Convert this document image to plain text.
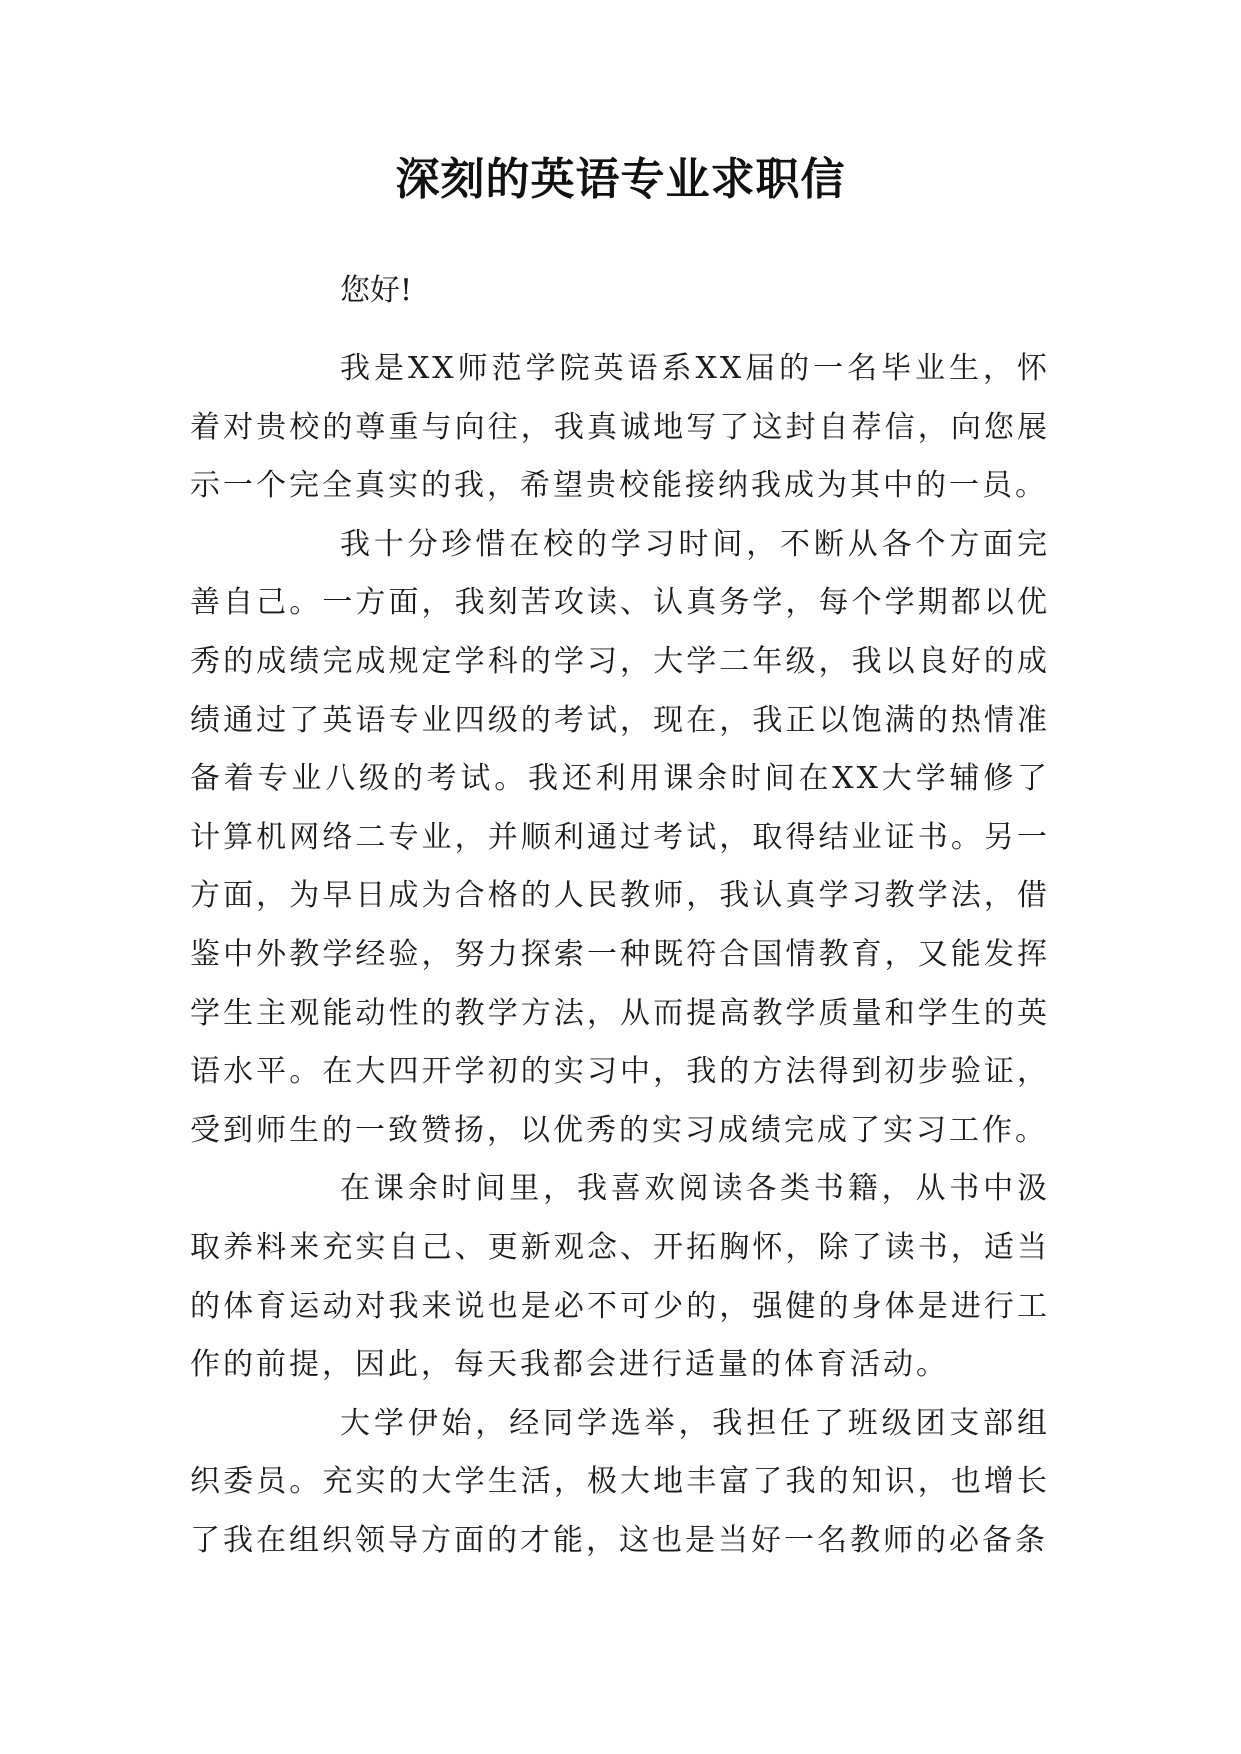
深刻的英语专业求职信
您好!

我是XX师范学院英语系XX届的一名毕业生，怀着对贵校的尊重与向往，我真诚地写了这封自荐信，向您展示一个完全真实的我，希望贵校能接纳我成为其中的一员。

我十分珍惜在校的学习时间，不断从各个方面完善自己。一方面，我刻苦攻读、认真务学，每个学期都以优秀的成绩完成规定学科的学习，大学二年级，我以良好的成绩通过了英语专业四级的考试，现在，我正以饱满的热情准备着专业八级的考试。我还利用课余时间在XX大学辅修了计算机网络二专业，并顺利通过考试，取得结业证书。另一方面，为早日成为合格的人民教师，我认真学习教学法，借鉴中外教学经验，努力探索一种既符合国情教育，又能发挥学生主观能动性的教学方法，从而提高教学质量和学生的英语水平。在大四开学初的实习中，我的方法得到初步验证，受到师生的一致赞扬，以优秀的实习成绩完成了实习工作。

在课余时间里，我喜欢阅读各类书籍，从书中汲取养料来充实自己、更新观念、开拓胸怀，除了读书，适当的体育运动对我来说也是必不可少的，强健的身体是进行工作的前提，因此，每天我都会进行适量的体育活动。

大学伊始，经同学选举，我担任了班级团支部组织委员。充实的大学生活，极大地丰富了我的知识，也增长了我在组织领导方面的才能，这也是当好一名教师的必备条
